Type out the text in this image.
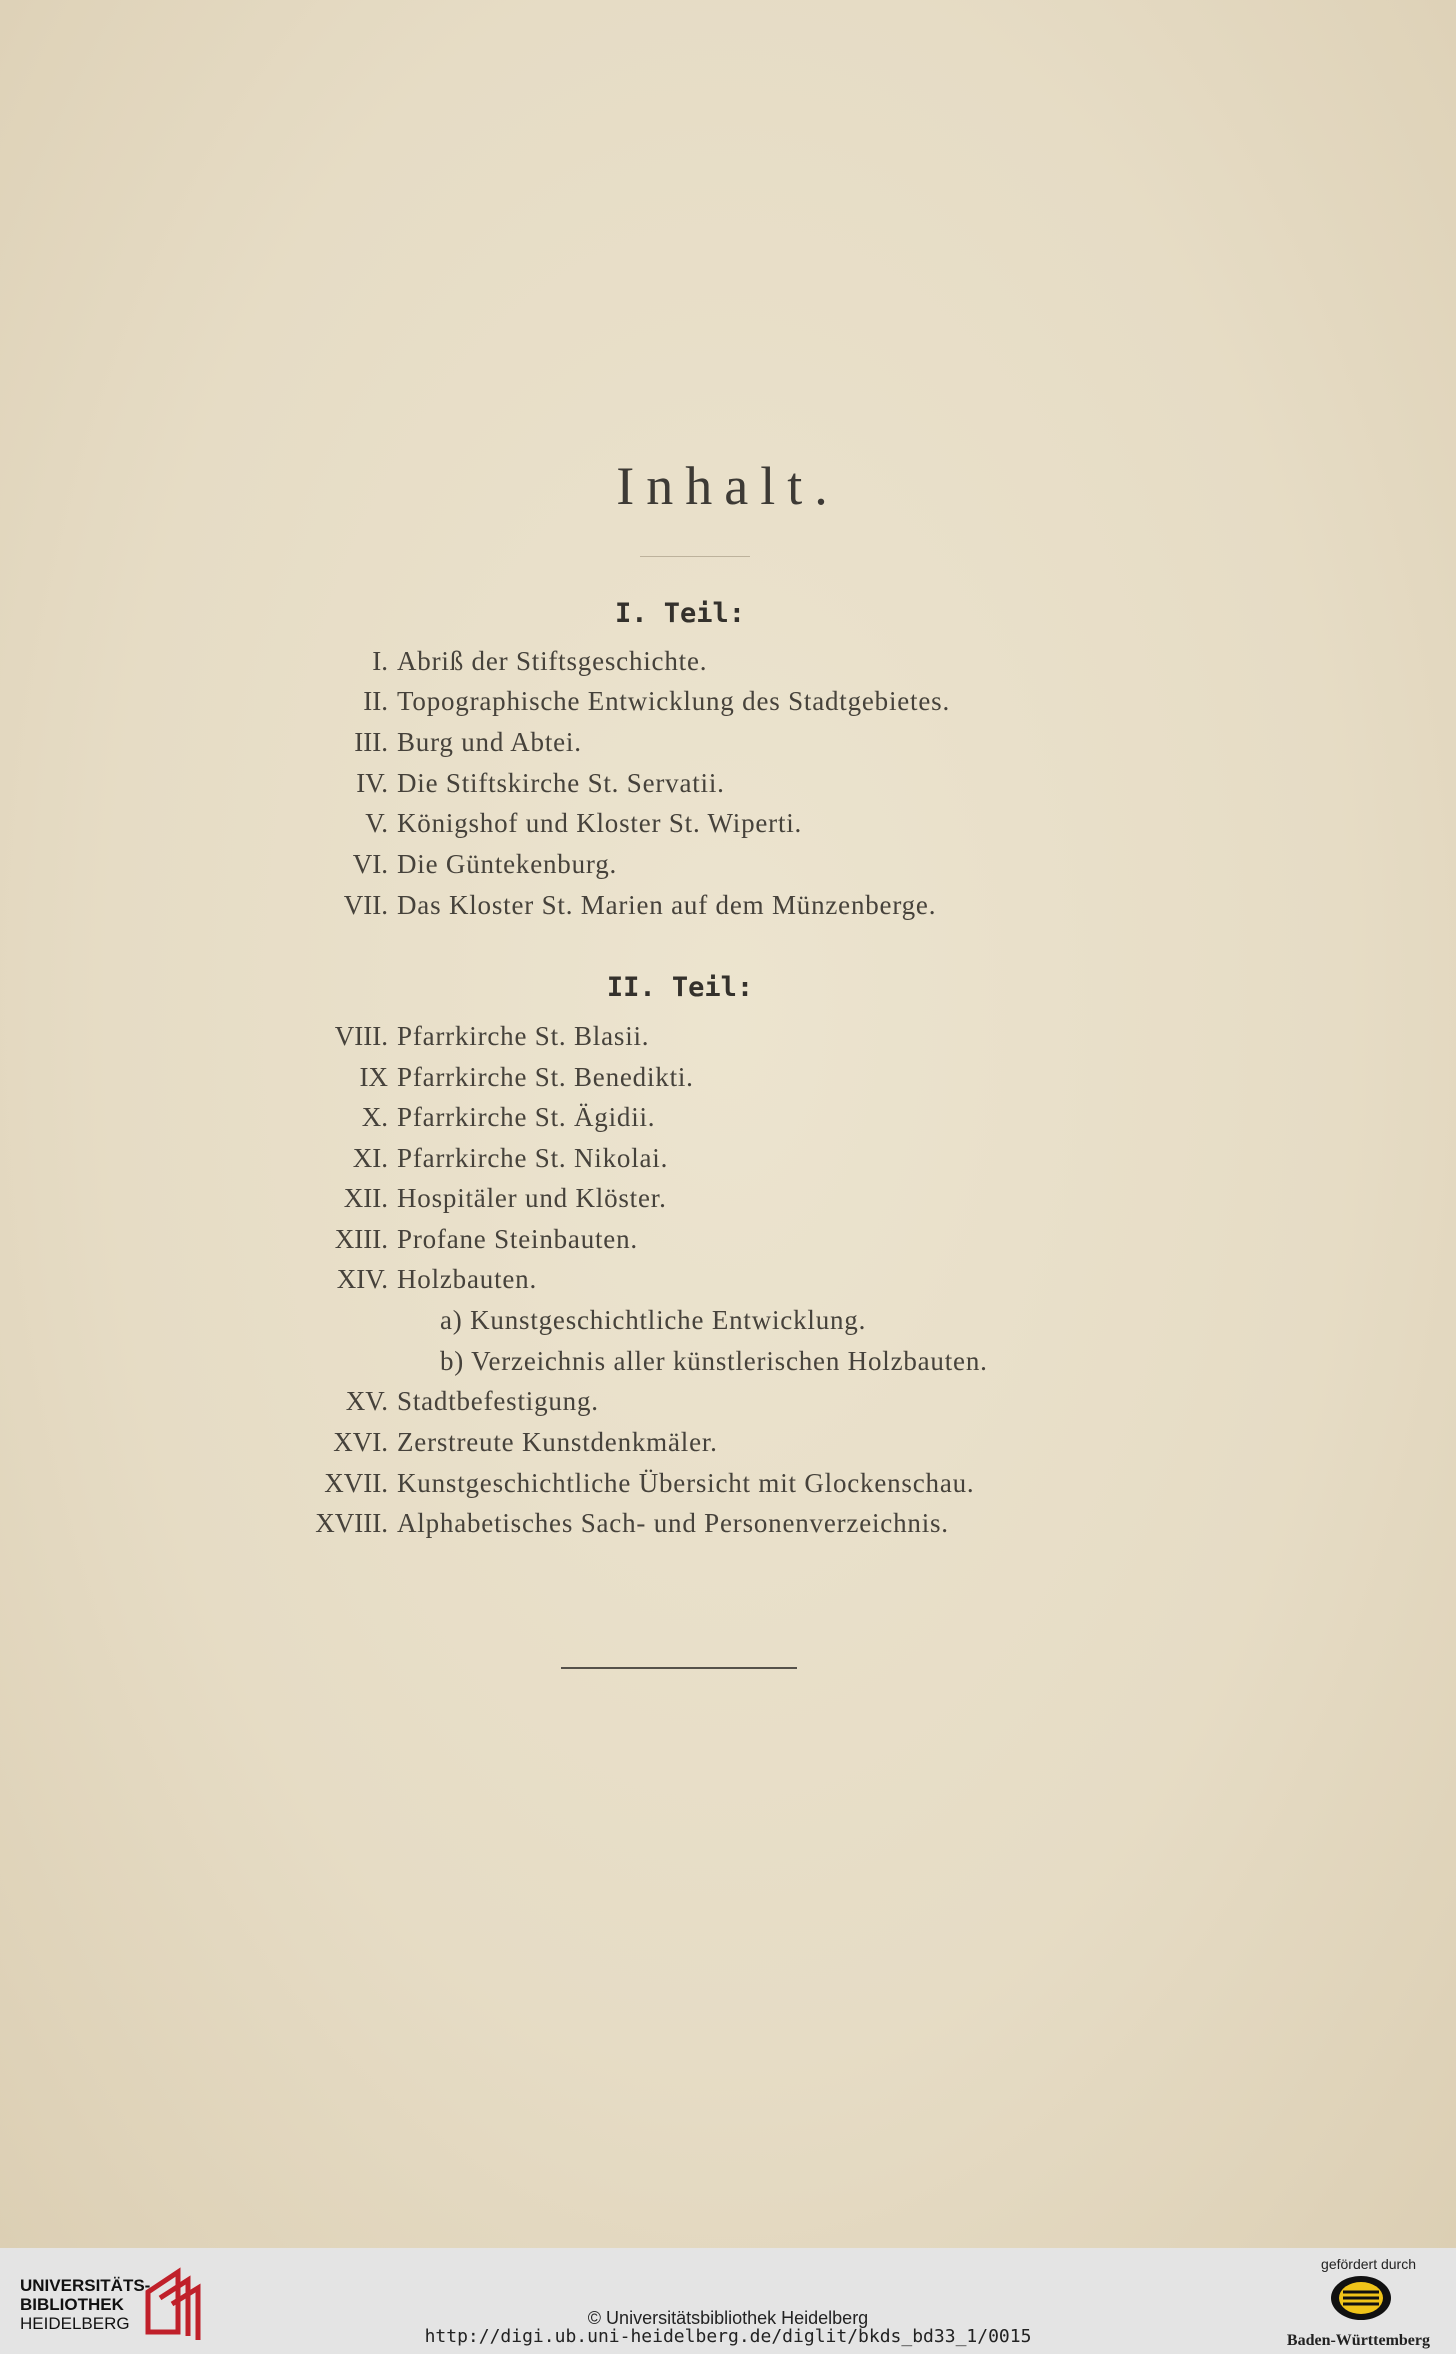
Inhalt.
I. Teil:
I. Abriß der Stiftsgeschichte.
II. Topographische Entwicklung des Stadtgebietes.
III. Burg und Abtei.
IV. Die Stiftskirche St. Servatii.
V. Königshof und Kloster St. Wiperti.
VI. Die Güntekenburg.
VII. Das Kloster St. Marien auf dem Münzenberge.
II. Teil:
VIII. Pfarrkirche St. Blasii.
IX Pfarrkirche St. Benedikti.
X. Pfarrkirche St. Ägidii.
XI. Pfarrkirche St. Nikolai.
XII. Hospitäler und Klöster.
XIII. Profane Steinbauten.
XIV. Holzbauten.
a) Kunstgeschichtliche Entwicklung.
b) Verzeichnis aller künstlerischen Holzbauten.
XV. Stadtbefestigung.
XVI. Zerstreute Kunstdenkmäler.
XVII. Kunstgeschichtliche Übersicht mit Glockenschau.
XVIII. Alphabetisches Sach- und Personenverzeichnis.
UNIVERSITÄTS-
BIBLIOTHEK
HEIDELBERG	© Universitätsbibliothek Heidelberg
http://digi.ub.uni-heidelberg.de/diglit/bkds_bd33_1/0015
gefördert durch
Baden-Württemberg
